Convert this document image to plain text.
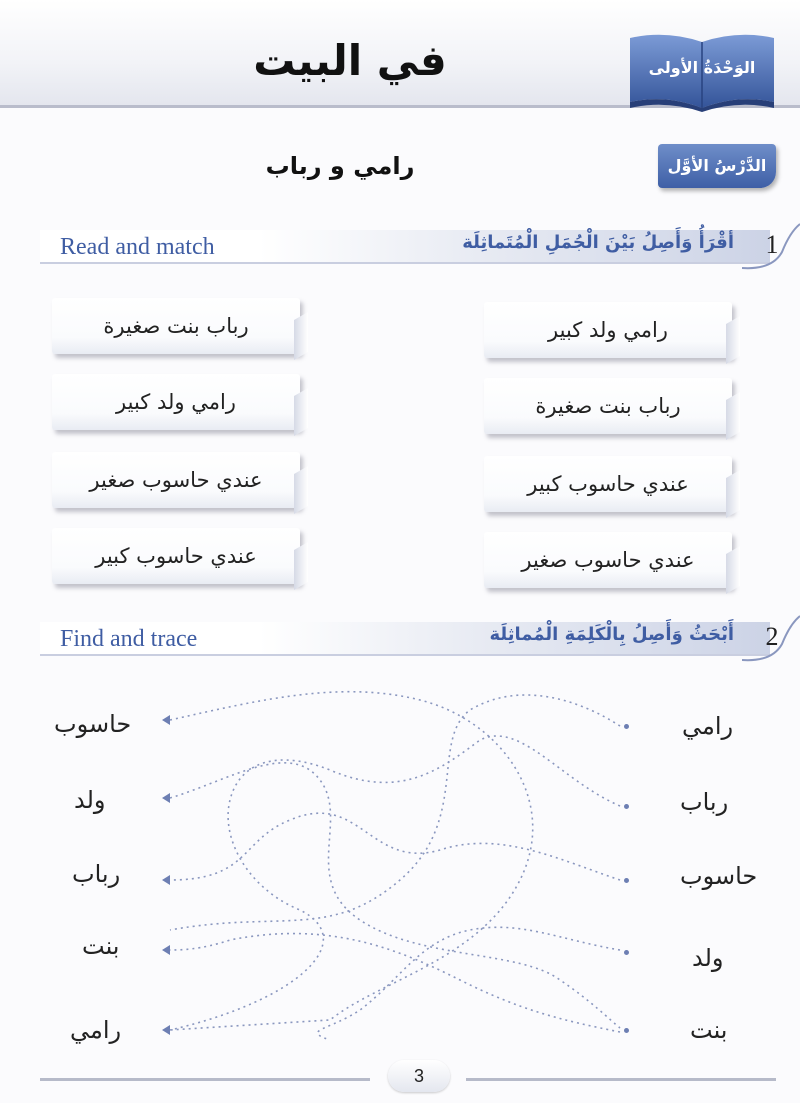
الوَحْدَةُ الأولى
في البيت
الدَّرْسُ الأوَّل
رامي و رباب
Read and match	أقْرَأُ وَأَصِلُ بَيْنَ الْجُمَلِ الْمُتَماثِلَة	1
رامي ولد كبير
رباب بنت صغيرة
عندي حاسوب كبير
عندي حاسوب صغير
رباب بنت صغيرة
رامي ولد كبير
عندي حاسوب صغير
عندي حاسوب كبير
Find and trace	أَبْحَثُ وَأَصِلُ بِالْكَلِمَةِ الْمُماثِلَة	2
رامي
رباب
حاسوب
ولد
بنت
حاسوب
ولد
رباب
بنت
رامي
3
